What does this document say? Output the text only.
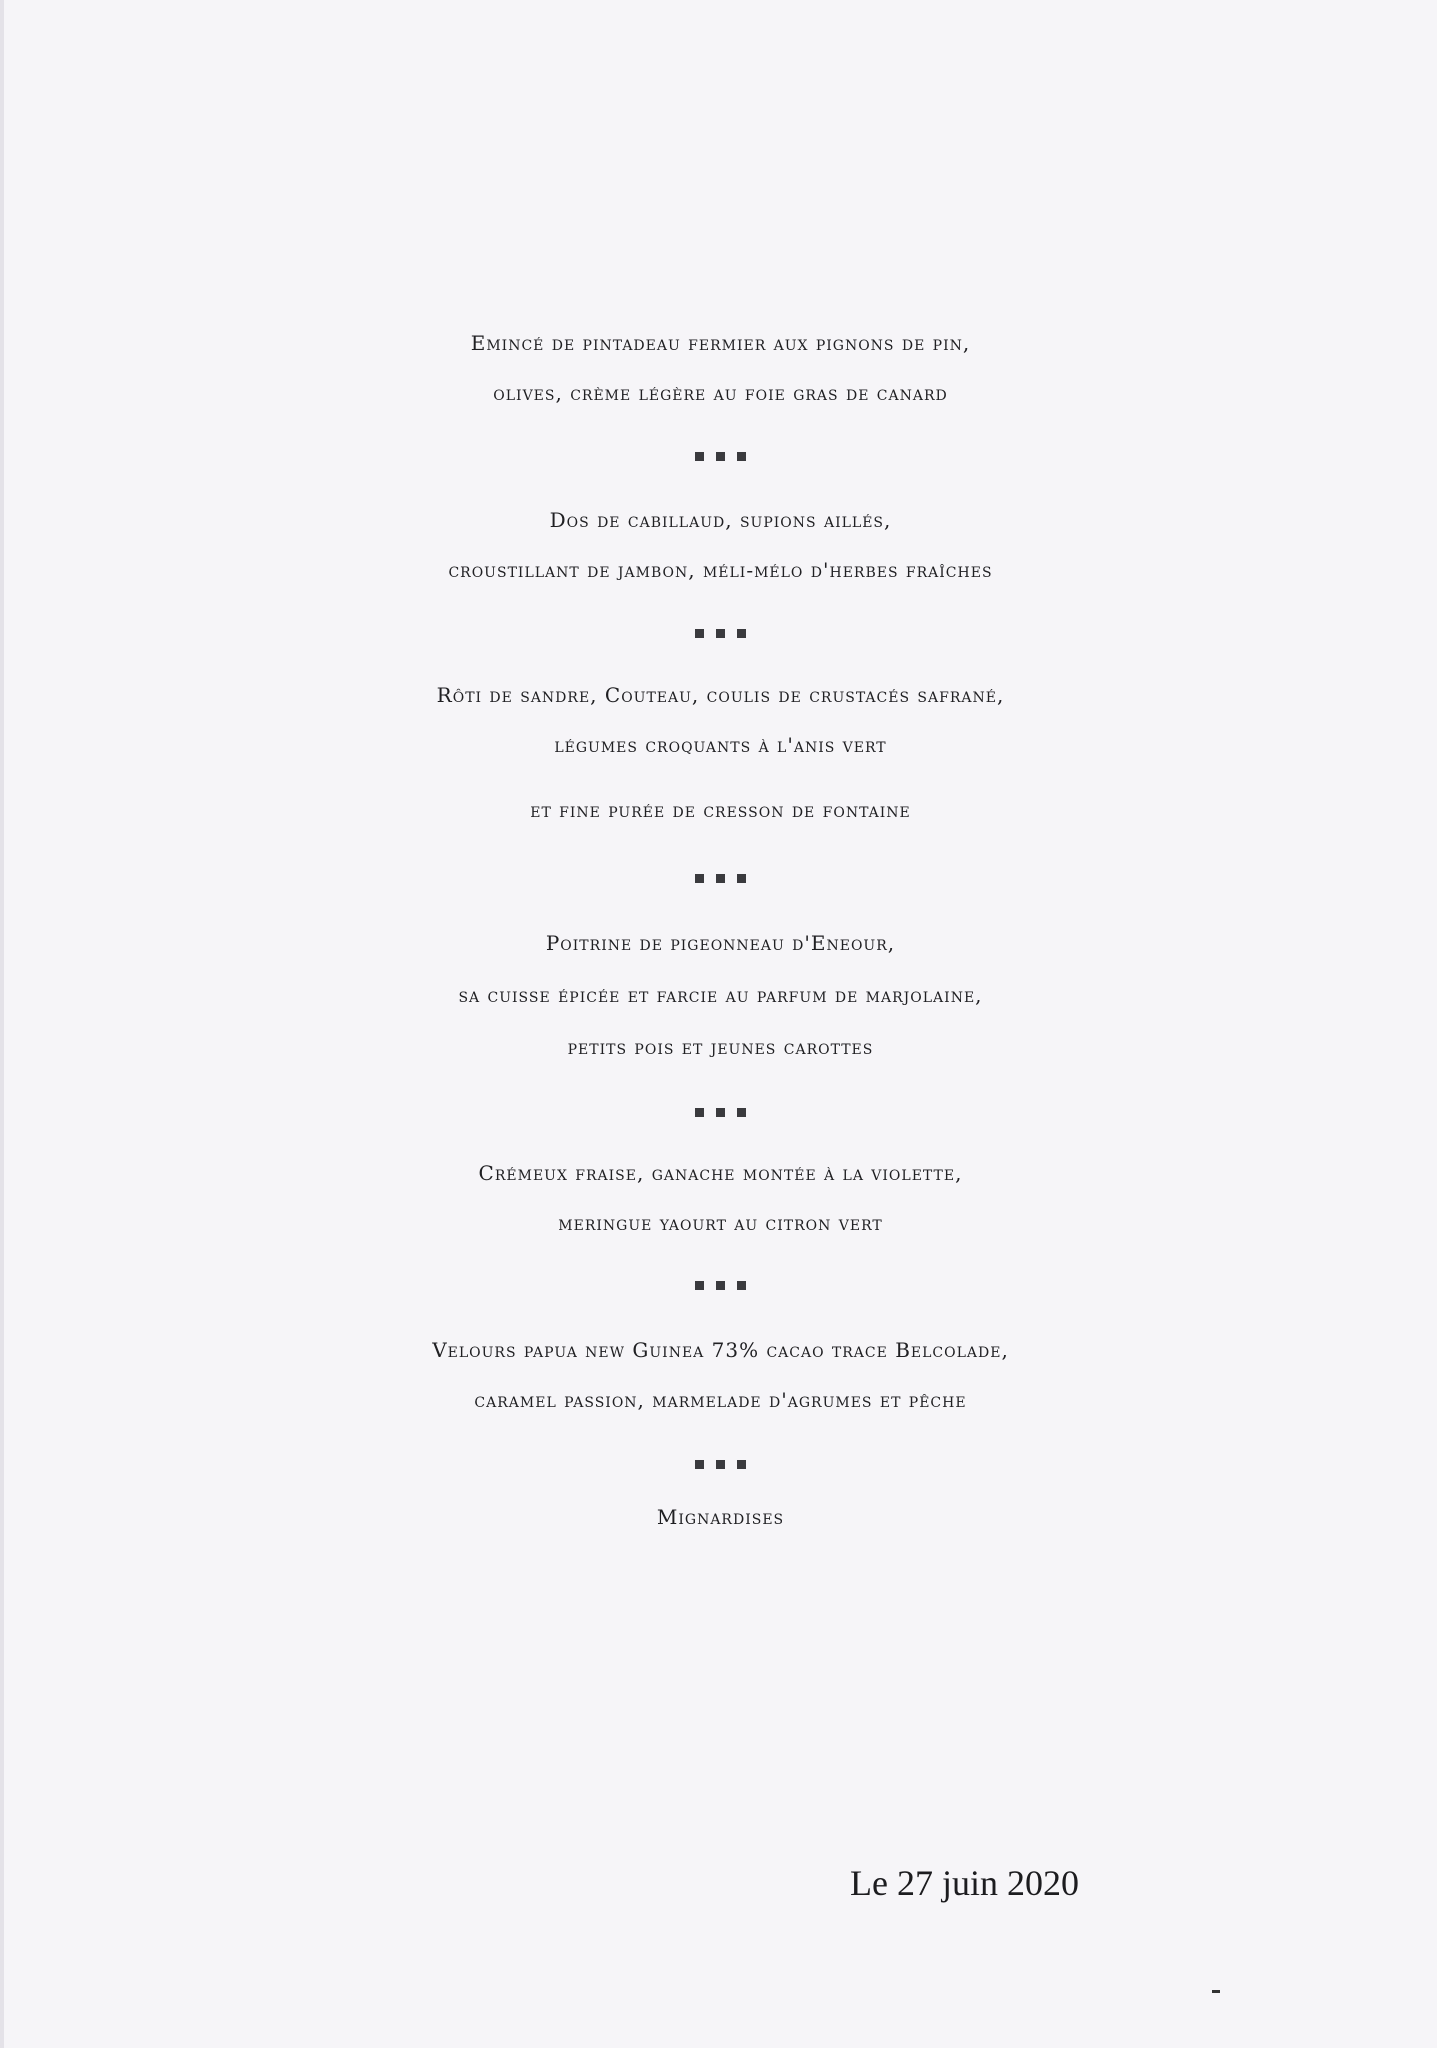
Emincé de pintadeau fermier aux pignons de pin,
olives, crème légère au foie gras de canard
Dos de cabillaud, supions aillés,
croustillant de jambon, méli-mélo d'herbes fraîches
Rôti de sandre, Couteau, coulis de crustacés safrané,
légumes croquants à l'anis vert
et fine purée de cresson de fontaine
Poitrine de pigeonneau d'Eneour,
sa cuisse épicée et farcie au parfum de marjolaine,
petits pois et jeunes carottes
Crémeux fraise, ganache montée à la violette,
meringue yaourt au citron vert
Velours papua new Guinea 73% cacao trace Belcolade,
caramel passion, marmelade d'agrumes et pêche
Mignardises
Le 27 juin 2020
